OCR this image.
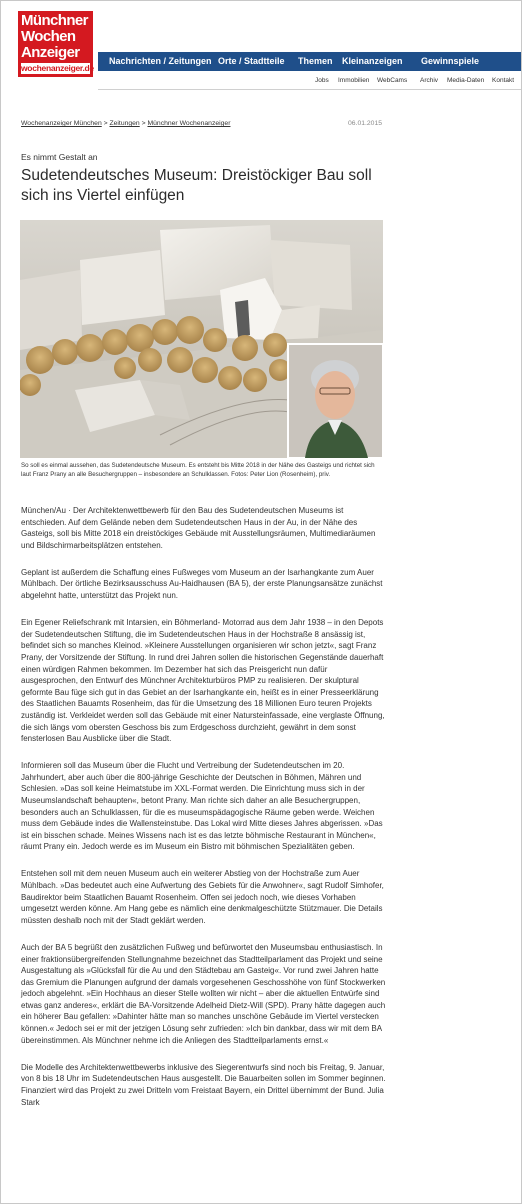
Münchner
Wochen
Anzeiger
wochenanzeiger.de
Nachrichten / Zeitungen Orte / Stadtteile Themen Kleinanzeigen Gewinnspiele
Jobs Immobilien WebCams Archiv Media-Daten Kontakt
Wochenanzeiger München > Zeitungen > Münchner Wochenanzeiger	06.01.2015
Es nimmt Gestalt an
Sudetendeutsches Museum: Dreistöckiger Bau soll sich ins Viertel einfügen
So soll es einmal aussehen, das Sudetendeutsche Museum. Es entsteht bis Mitte 2018 in der Nähe des Gasteigs und richtet sich laut Franz Prany an alle Besuchergruppen – insbesondere an Schulklassen. Fotos: Peter Lion (Rosenheim), priv.

München/Au · Der Architektenwettbewerb für den Bau des Sudetendeutschen Museums ist entschieden. Auf dem Gelände neben dem Sudetendeutschen Haus in der Au, in der Nähe des Gasteigs, soll bis Mitte 2018 ein dreistöckiges Gebäude mit Ausstellungsräumen, Multimediaräumen und Bildschirmarbeitsplätzen entstehen.

Geplant ist außerdem die Schaffung eines Fußweges vom Museum an der Isarhangkante zum Auer Mühlbach. Der örtliche Bezirksausschuss Au-Haidhausen (BA 5), der erste Planungsansätze zunächst abgelehnt hatte, unterstützt das Projekt nun.

Ein Egener Reliefschrank mit Intarsien, ein Böhmerland- Motorrad aus dem Jahr 1938 – in den Depots der Sudetendeutschen Stiftung, die im Sudetendeutschen Haus in der Hochstraße 8 ansässig ist, befindet sich so manches Kleinod. »Kleinere Ausstellungen organisieren wir schon jetzt«, sagt Franz Prany, der Vorsitzende der Stiftung. In rund drei Jahren sollen die historischen Gegenstände dauerhaft einen würdigen Rahmen bekommen. Im Dezember hat sich das Preisgericht nun dafür ausgesprochen, den Entwurf des Münchner Architekturbüros PMP zu realisieren. Der skulptural geformte Bau füge sich gut in das Gebiet an der Isarhangkante ein, heißt es in einer Presseerklärung des Staatlichen Bauamts Rosenheim, das für die Umsetzung des 18 Millionen Euro teuren Projekts zuständig ist. Verkleidet werden soll das Gebäude mit einer Natursteinfassade, eine verglaste Öffnung, die sich längs vom obersten Geschoss bis zum Erdgeschoss durchzieht, gewährt in dem sonst fensterlosen Bau Ausblicke über die Stadt.

Informieren soll das Museum über die Flucht und Vertreibung der Sudetendeutschen im 20. Jahrhundert, aber auch über die 800-jährige Geschichte der Deutschen in Böhmen, Mähren und Schlesien. »Das soll keine Heimatstube im XXL-Format werden. Die Einrichtung muss sich in der Museumslandschaft behaupten«, betont Prany. Man richte sich daher an alle Besuchergruppen, besonders auch an Schulklassen, für die es museumspädagogische Räume geben werde. Weichen muss dem Gebäude indes die Wallensteinstube. Das Lokal wird Mitte dieses Jahres abgerissen. »Das ist ein bisschen schade. Meines Wissens nach ist es das letzte böhmische Restaurant in München«, räumt Prany ein. Jedoch werde es im Museum ein Bistro mit böhmischen Spezialitäten geben.

Entstehen soll mit dem neuen Museum auch ein weiterer Abstieg von der Hochstraße zum Auer Mühlbach. »Das bedeutet auch eine Aufwertung des Gebiets für die Anwohner«, sagt Rudolf Simhofer, Baudirektor beim Staatlichen Bauamt Rosenheim. Offen sei jedoch noch, wie dieses Vorhaben umgesetzt werden könne. Am Hang gebe es nämlich eine denkmalgeschützte Stützmauer. Die Details müssten deshalb noch mit der Stadt geklärt werden.

Auch der BA 5 begrüßt den zusätzlichen Fußweg und befürwortet den Museumsbau enthusiastisch. In einer fraktionsübergreifenden Stellungnahme bezeichnet das Stadtteilparlament das Projekt und seine Ausgestaltung als »Glücksfall für die Au und den Städtebau am Gasteig«. Vor rund zwei Jahren hatte das Gremium die Planungen aufgrund der damals vorgesehenen Geschosshöhe von fünf Stockwerken jedoch abgelehnt. »Ein Hochhaus an dieser Stelle wollten wir nicht – aber die aktuellen Entwürfe sind etwas ganz anderes«, erklärt die BA-Vorsitzende Adelheid Dietz-Will (SPD). Prany hätte dagegen auch ein höherer Bau gefallen: »Dahinter hätte man so manches unschöne Gebäude im Viertel verstecken können.« Jedoch sei er mit der jetzigen Lösung sehr zufrieden: »Ich bin dankbar, dass wir mit dem BA übereinstimmen. Als Münchner nehme ich die Anliegen des Stadtteilparlaments ernst.«

Die Modelle des Architektenwettbewerbs inklusive des Siegerentwurfs sind noch bis Freitag, 9. Januar, von 8 bis 18 Uhr im Sudetendeutschen Haus ausgestellt. Die Bauarbeiten sollen im Sommer beginnen. Finanziert wird das Projekt zu zwei Dritteln vom Freistaat Bayern, ein Drittel übernimmt der Bund. Julia Stark
